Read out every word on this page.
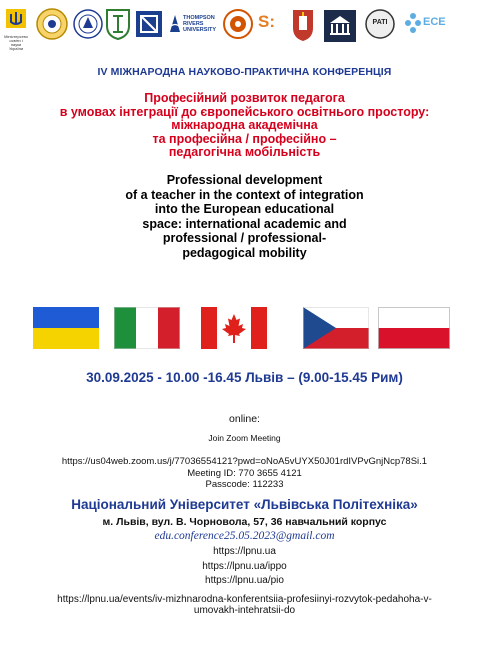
Міністерство освіти і науки України
THOMPSON RIVERS UNIVERSITY S:	PATI	ECE
IV МІЖНАРОДНА НАУКОВО-ПРАКТИЧНА КОНФЕРЕНЦІЯ
Професійний розвиток педагога
в умовах інтеграції до європейського освітнього простору:
міжнародна академічна
та професійна / професійно –
педагогічна мобільність
Professional development
of a teacher in the context of integration
into the European educational
space: international academic and
professional / professional-
pedagogical mobility
30.09.2025 - 10.00 -16.45 Львів – (9.00-15.45 Рим)
online:
Join Zoom Meeting
https://us04web.zoom.us/j/77036554121?pwd=oNoA5vUYX50J01rdIVPvGnjNcp78Si.1
Meeting ID: 770 3655 4121
Passcode: 112233
Національний Університет «Львівська Політехніка»
м. Львів, вул. В. Чорновола, 57, 36 навчальний корпус
edu.conference25.05.2023@gmail.com
https://lpnu.ua
https://lpnu.ua/ippo
https://lpnu.ua/pio
https://lpnu.ua/events/iv-mizhnarodna-konferentsiia-profesiinyi-rozvytok-pedahoha-v-
umovakh-intehratsii-do
